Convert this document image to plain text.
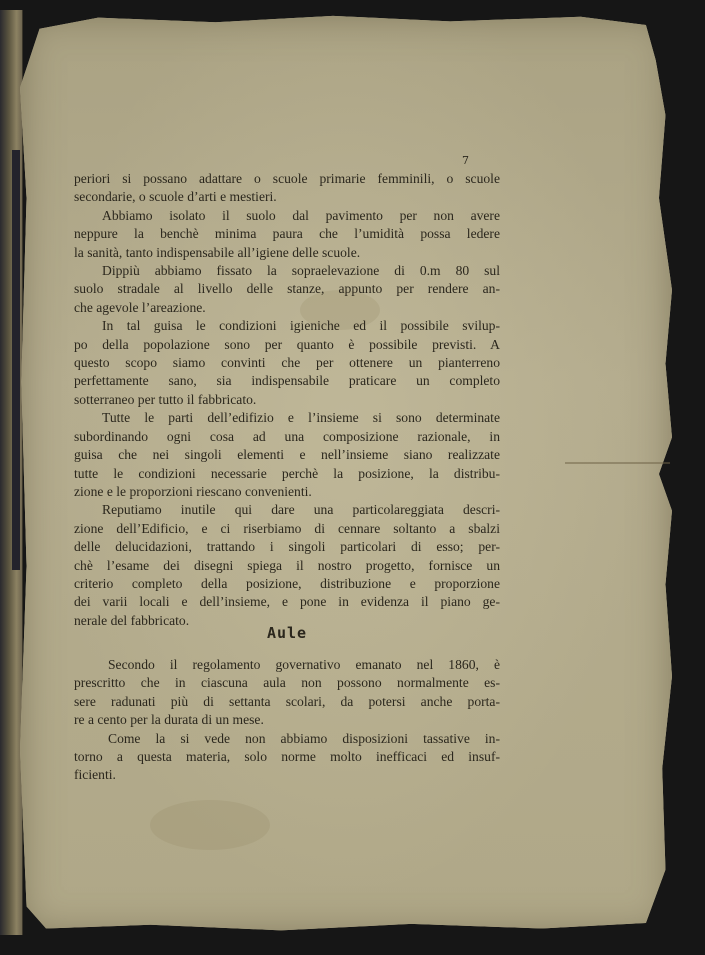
7
periori si possano adattare o scuole primarie femminili, o scuole
secondarie, o scuole d’arti e mestieri.
Abbiamo isolato il suolo dal pavimento per non avere
neppure la benchè minima paura che l’umidità possa ledere
la sanità, tanto indispensabile all’igiene delle scuole.
Dippiù abbiamo fissato la sopraelevazione di 0.m 80 sul
suolo stradale al livello delle stanze, appunto per rendere an-
che agevole l’areazione.
In tal guisa le condizioni igieniche ed il possibile svilup-
po della popolazione sono per quanto è possibile previsti. A
questo scopo siamo convinti che per ottenere un pianterreno
perfettamente sano, sia indispensabile praticare un completo
sotterraneo per tutto il fabbricato.
Tutte le parti dell’edifizio e l’insieme si sono determinate
subordinando ogni cosa ad una composizione razionale, in
guisa che nei singoli elementi e nell’insieme siano realizzate
tutte le condizioni necessarie perchè la posizione, la distribu-
zione e le proporzioni riescano convenienti.
Reputiamo inutile qui dare una particolareggiata descri-
zione dell’Edificio, e ci riserbiamo di cennare soltanto a sbalzi
delle delucidazioni, trattando i singoli particolari di esso; per-
chè l’esame dei disegni spiega il nostro progetto, fornisce un
criterio completo della posizione, distribuzione e proporzione
dei varii locali e dell’insieme, e pone in evidenza il piano ge-
nerale del fabbricato.
Aule
Secondo il regolamento governativo emanato nel 1860, è
prescritto che in ciascuna aula non possono normalmente es-
sere radunati più di settanta scolari, da potersi anche porta-
re a cento per la durata di un mese.
Come la si vede non abbiamo disposizioni tassative in-
torno a questa materia, solo norme molto inefficaci ed insuf-
ficienti.
